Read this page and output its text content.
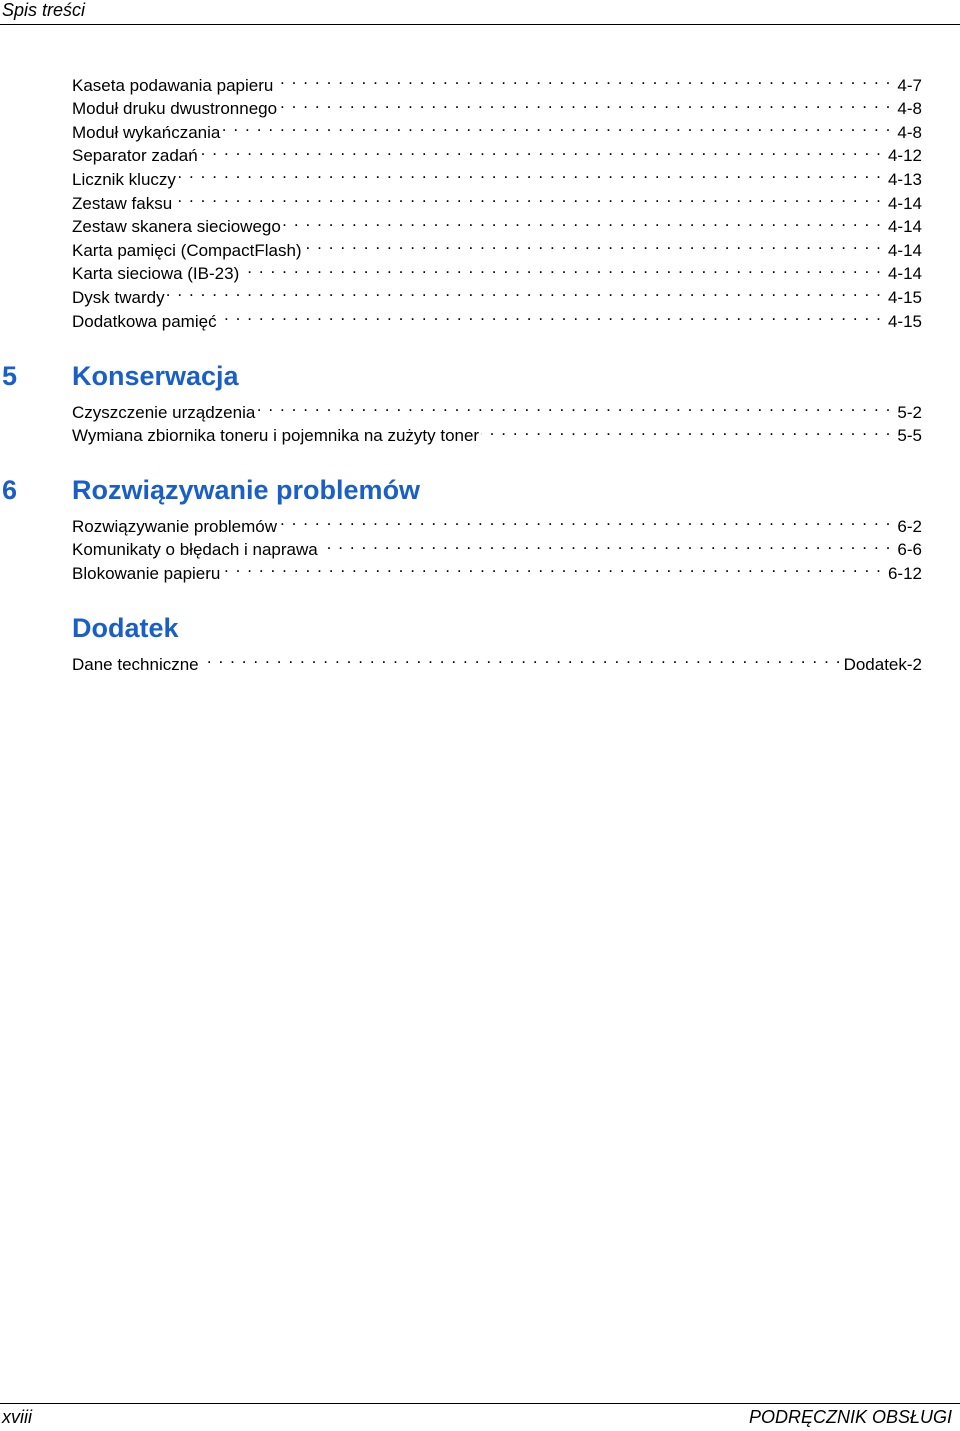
Spis treści
Kaseta podawania papieru . . .	4-7
Moduł druku dwustronnego . . .	4-8
Moduł wykańczania . . .	4-8
Separator zadań . . .	4-12
Licznik kluczy . . .	4-13
Zestaw faksu . . .	4-14
Zestaw skanera sieciowego . . .	4-14
Karta pamięci (CompactFlash) . . .	4-14
Karta sieciowa (IB-23) . . .	4-14
Dysk twardy . . .	4-15
Dodatkowa pamięć . . .	4-15
5 Konserwacja
Czyszczenie urządzenia . . .	5-2
Wymiana zbiornika toneru i pojemnika na zużyty toner . . .	5-5
6 Rozwiązywanie problemów
Rozwiązywanie problemów . . .	6-2
Komunikaty o błędach i naprawa . . .	6-6
Blokowanie papieru . . .	6-12
Dodatek
Dane techniczne . . .	Dodatek-2
xviii	PODRĘCZNIK OBSŁUGI
